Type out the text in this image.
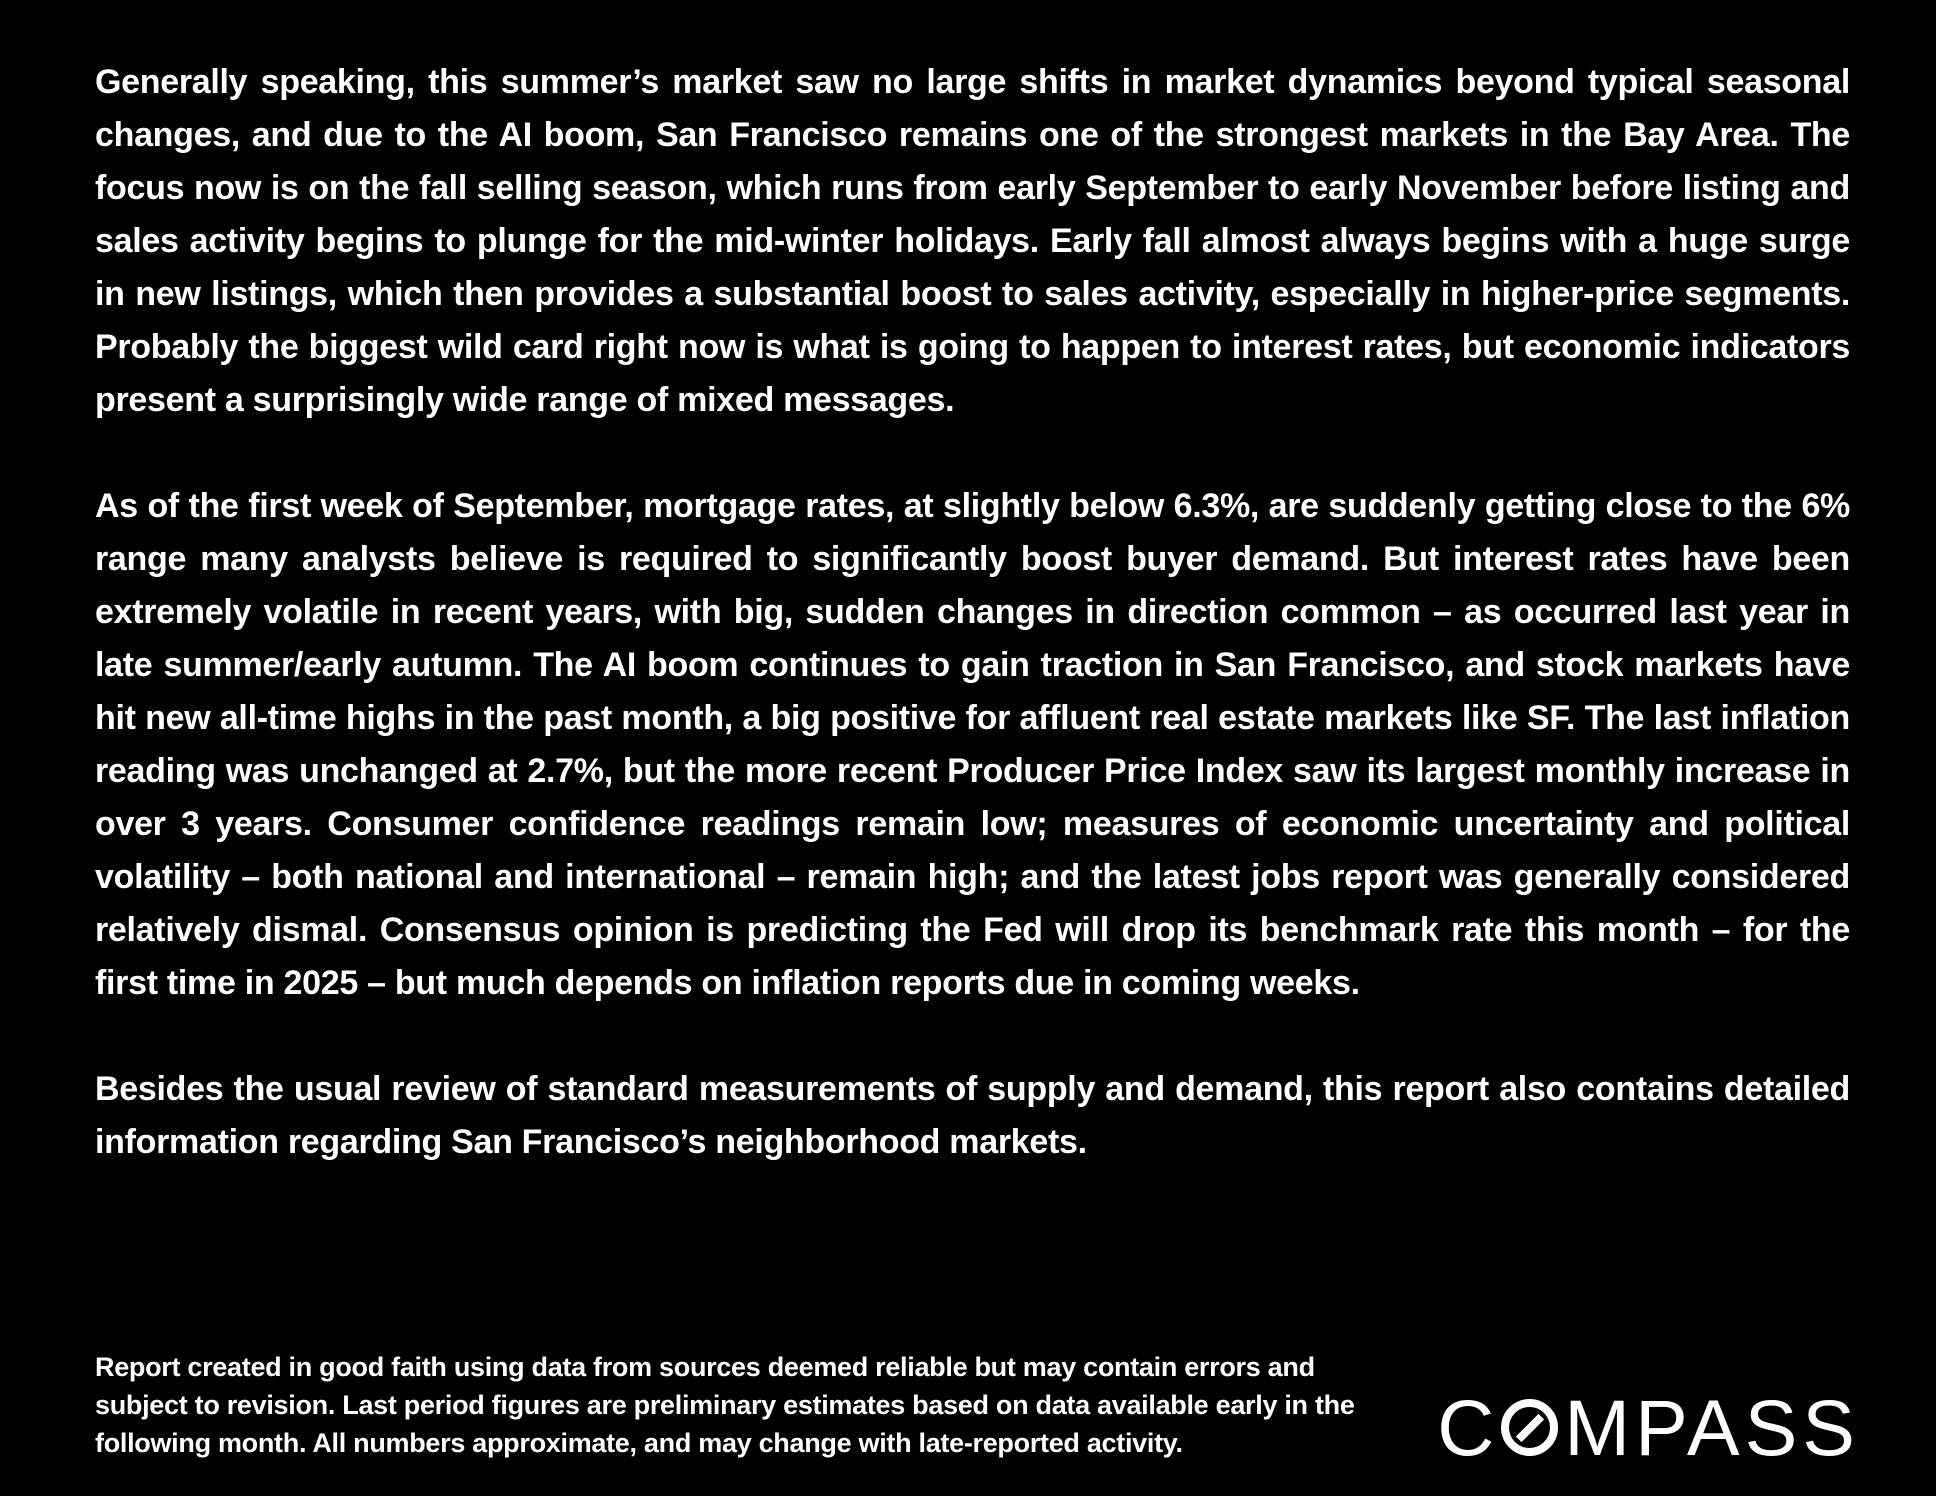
Generally speaking, this summer’s market saw no large shifts in market dynamics beyond typical seasonal changes, and due to the AI boom, San Francisco remains one of the strongest markets in the Bay Area. The focus now is on the fall selling season, which runs from early September to early November before listing and sales activity begins to plunge for the mid-winter holidays. Early fall almost always begins with a huge surge in new listings, which then provides a substantial boost to sales activity, especially in higher-price segments. Probably the biggest wild card right now is what is going to happen to interest rates, but economic indicators present a surprisingly wide range of mixed messages.

As of the first week of September, mortgage rates, at slightly below 6.3%, are suddenly getting close to the 6% range many analysts believe is required to significantly boost buyer demand. But interest rates have been extremely volatile in recent years, with big, sudden changes in direction common – as occurred last year in late summer/early autumn. The AI boom continues to gain traction in San Francisco, and stock markets have hit new all-time highs in the past month, a big positive for affluent real estate markets like SF. The last inflation reading was unchanged at 2.7%, but the more recent Producer Price Index saw its largest monthly increase in over 3 years. Consumer confidence readings remain low; measures of economic uncertainty and political volatility – both national and international – remain high; and the latest jobs report was generally considered relatively dismal. Consensus opinion is predicting the Fed will drop its benchmark rate this month – for the first time in 2025 – but much depends on inflation reports due in coming weeks.

Besides the usual review of standard measurements of supply and demand, this report also contains detailed information regarding San Francisco’s neighborhood markets.

Report created in good faith using data from sources deemed reliable but may contain errors and subject to revision. Last period figures are preliminary estimates based on data available early in the following month. All numbers approximate, and may change with late-reported activity.	C MPASS
